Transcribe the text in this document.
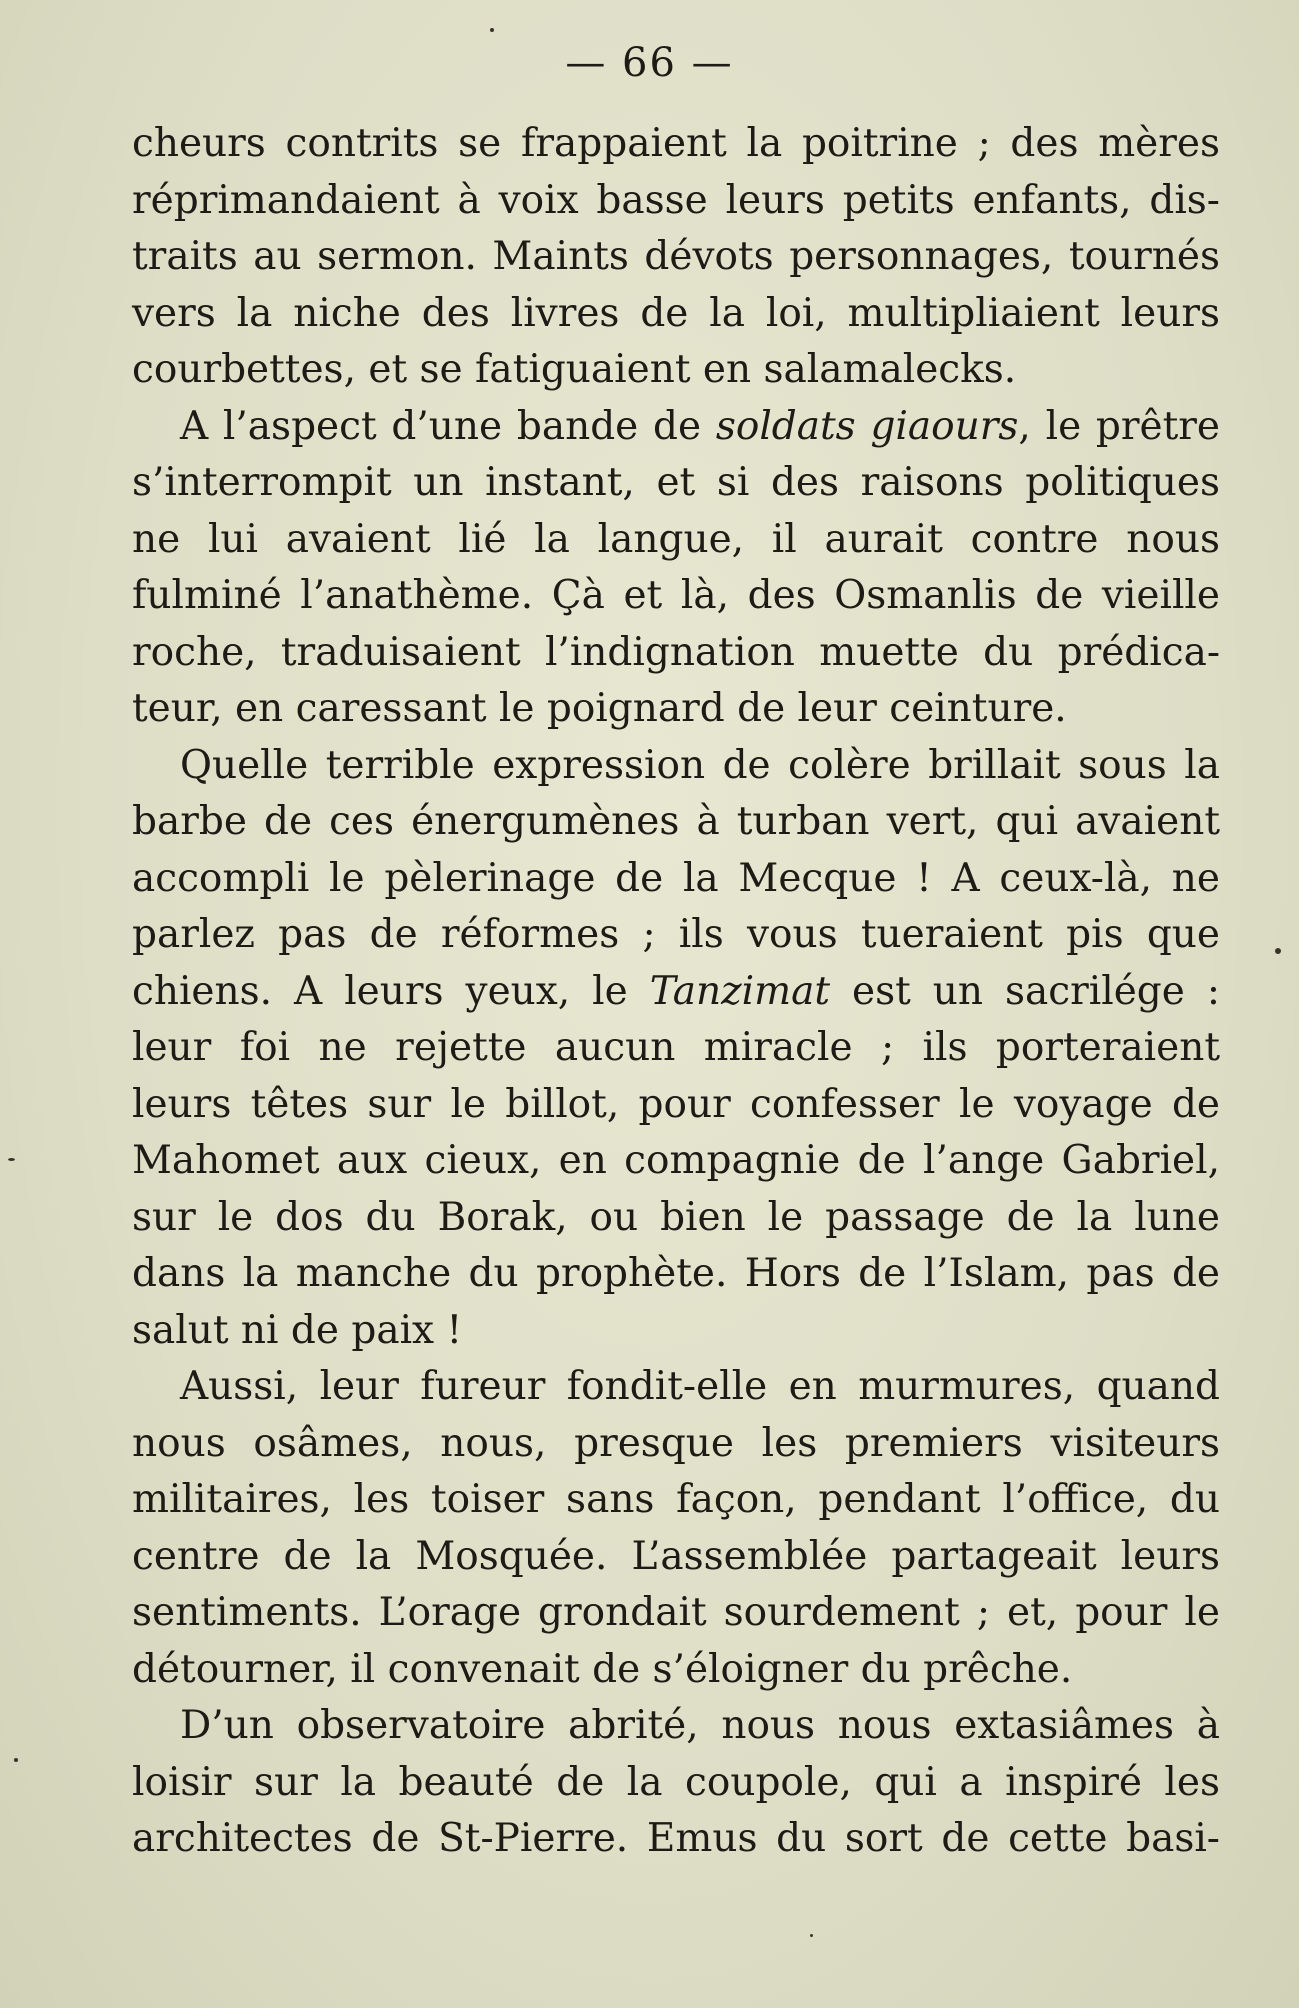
— 66 —
cheurs contrits se frappaient la poitrine ; des mères
réprimandaient à voix basse leurs petits enfants, dis-
traits au sermon. Maints dévots personnages, tournés
vers la niche des livres de la loi, multipliaient leurs
courbettes, et se fatiguaient en salamalecks.
A l’aspect d’une bande de soldats giaours, le prêtre
s’interrompit un instant, et si des raisons politiques
ne lui avaient lié la langue, il aurait contre nous
fulminé l’anathème. Çà et là, des Osmanlis de vieille
roche, traduisaient l’indignation muette du prédica-
teur, en caressant le poignard de leur ceinture.
Quelle terrible expression de colère brillait sous la
barbe de ces énergumènes à turban vert, qui avaient
accompli le pèlerinage de la Mecque ! A ceux-là, ne
parlez pas de réformes ; ils vous tueraient pis que
chiens. A leurs yeux, le Tanzimat est un sacrilége :
leur foi ne rejette aucun miracle ; ils porteraient
leurs têtes sur le billot, pour confesser le voyage de
Mahomet aux cieux, en compagnie de l’ange Gabriel,
sur le dos du Borak, ou bien le passage de la lune
dans la manche du prophète. Hors de l’Islam, pas de
salut ni de paix !
Aussi, leur fureur fondit-elle en murmures, quand
nous osâmes, nous, presque les premiers visiteurs
militaires, les toiser sans façon, pendant l’office, du
centre de la Mosquée. L’assemblée partageait leurs
sentiments. L’orage grondait sourdement ; et, pour le
détourner, il convenait de s’éloigner du prêche.
D’un observatoire abrité, nous nous extasiâmes à
loisir sur la beauté de la coupole, qui a inspiré les
architectes de St-Pierre. Emus du sort de cette basi-
